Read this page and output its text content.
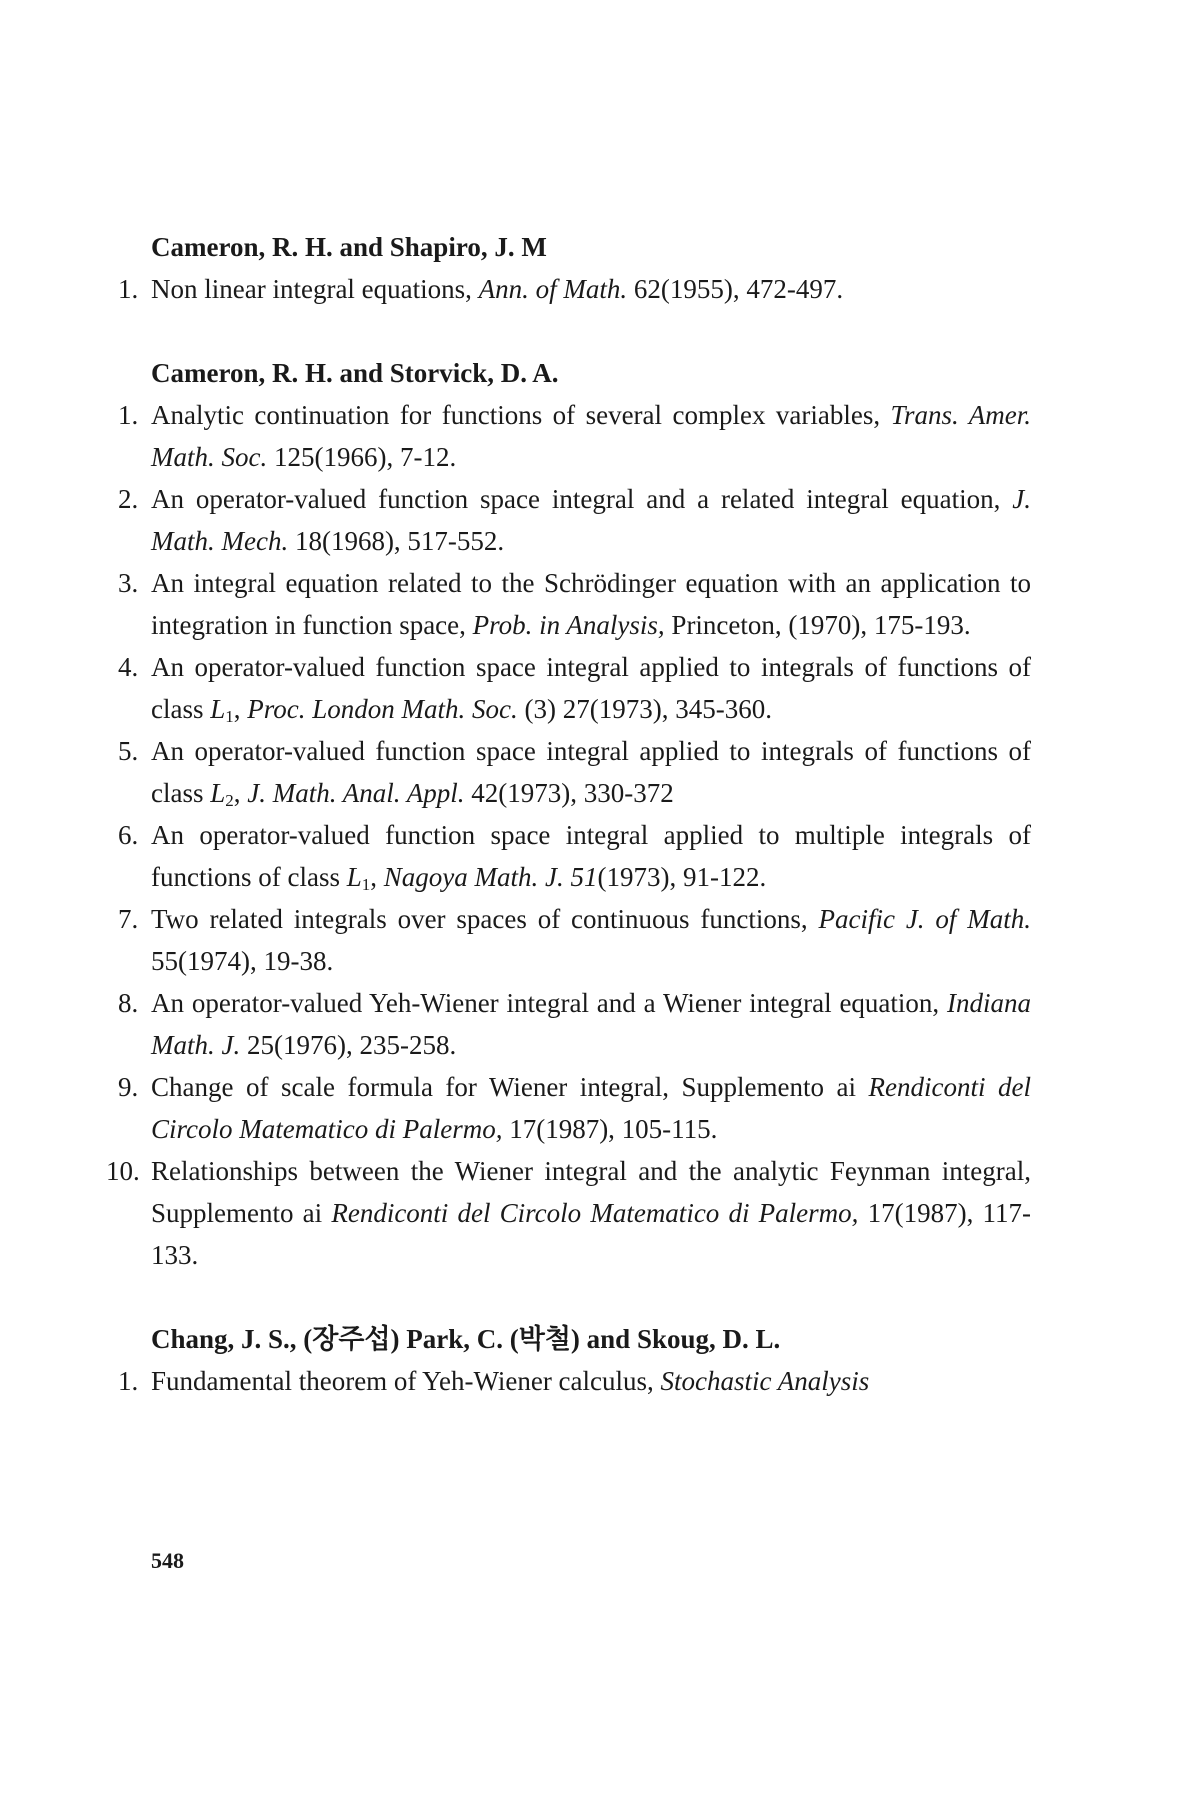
Cameron, R. H. and Shapiro, J. M

1. Non linear integral equations, Ann. of Math. 62(1955), 472-497.

Cameron, R. H. and Storvick, D. A.

1. Analytic continuation for functions of several complex variables, Trans. Amer. Math. Soc. 125(1966), 7-12.

2. An operator-valued function space integral and a related integral equation, J. Math. Mech. 18(1968), 517-552.

3. An integral equation related to the Schrödinger equation with an application to integration in function space, Prob. in Analysis, Princeton, (1970), 175-193.

4. An operator-valued function space integral applied to integrals of functions of class $L_1$, Proc. London Math. Soc. (3) 27(1973), 345-360.

5. An operator-valued function space integral applied to integrals of functions of class $L_2$, J. Math. Anal. Appl. 42(1973), 330-372

6. An operator-valued function space integral applied to multiple integrals of functions of class $L_1$, Nagoya Math. J. 51(1973), 91-122.

7. Two related integrals over spaces of continuous functions, Pacific J. of Math. 55(1974), 19-38.

8. An operator-valued Yeh-Wiener integral and a Wiener integral equation, Indiana Math. J. 25(1976), 235-258.

9. Change of scale formula for Wiener integral, Supplemento ai Rendiconti del Circolo Matematico di Palermo, 17(1987), 105-115.

10. Relationships between the Wiener integral and the analytic Feynman integral, Supplemento ai Rendiconti del Circolo Matematico di Palermo, 17(1987), 117-133.

Chang, J. S., (장주섭) Park, C. (박철) and Skoug, D. L.

1. Fundamental theorem of Yeh-Wiener calculus, Stochastic Analysis

548
